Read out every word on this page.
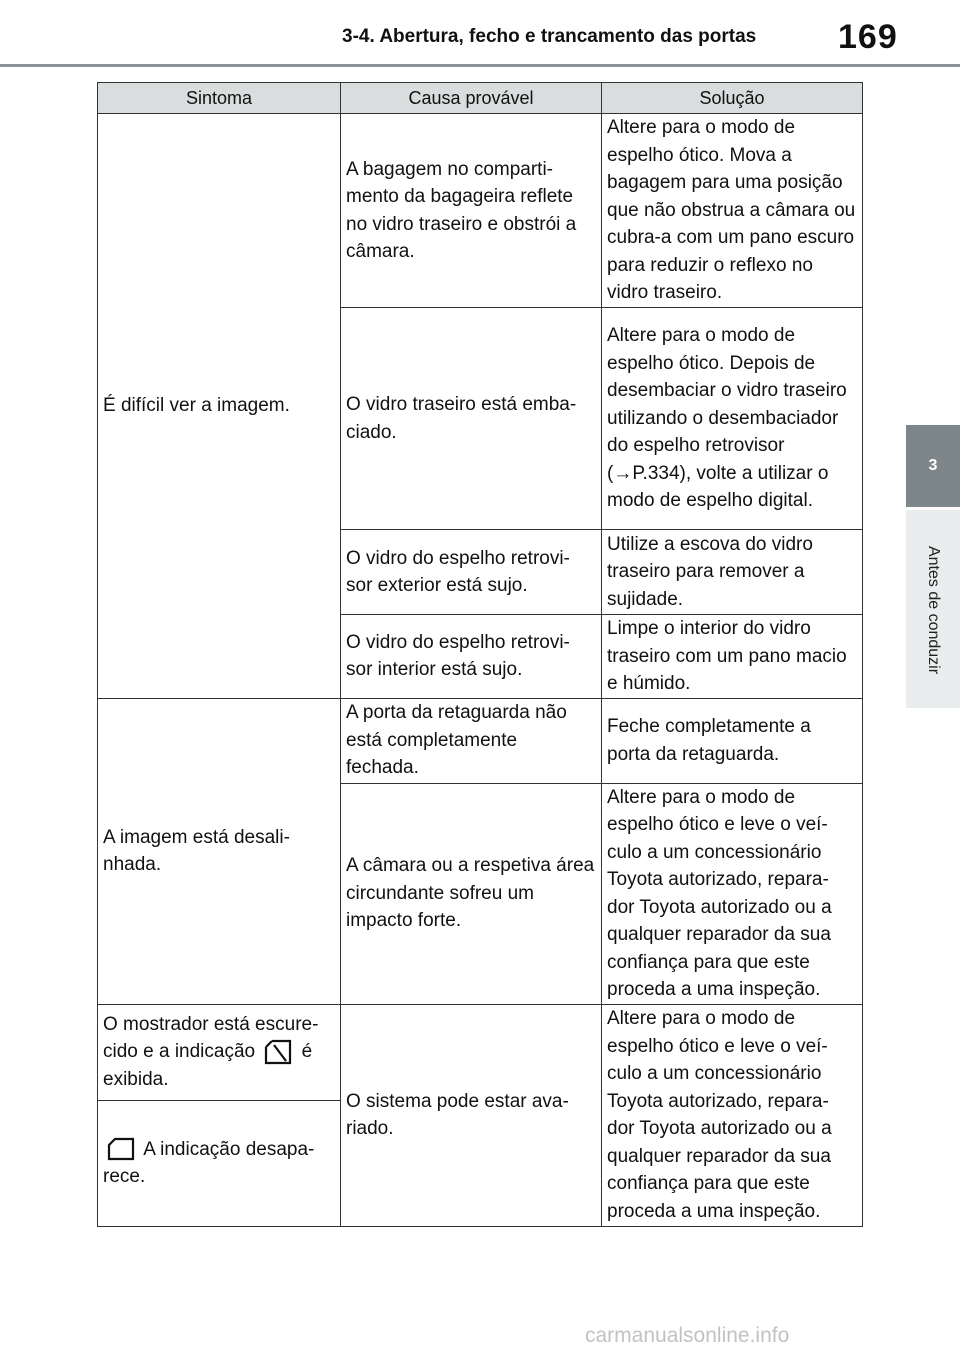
3-4. Abertura, fecho e trancamento das portas 169
3
Antes de conduzir
Sintoma	Causa provável	Solução
É difícil ver a imagem.	A bagagem no comparti-mento da bagageira reflete no vidro traseiro e obstrói a câmara.	Altere para o modo de espelho ótico. Mova a bagagem para uma posição que não obstrua a câmara ou cubra-a com um pano escuro para reduzir o reflexo no vidro traseiro.
	O vidro traseiro está emba-ciado.	Altere para o modo de espelho ótico. Depois de desembaciar o vidro traseiro utilizando o desembaciador do espelho retrovisor (→P.334), volte a utilizar o modo de espelho digital.
	O vidro do espelho retrovi-sor exterior está sujo.	Utilize a escova do vidro traseiro para remover a sujidade.
	O vidro do espelho retrovi-sor interior está sujo.	Limpe o interior do vidro traseiro com um pano macio e húmido.
A imagem está desali-nhada.	A porta da retaguarda não está completamente fechada.	Feche completamente a porta da retaguarda.
	A câmara ou a respetiva área circundante sofreu um impacto forte.	Altere para o modo de espelho ótico e leve o veí-culo a um concessionário Toyota autorizado, repara-dor Toyota autorizado ou a qualquer reparador da sua confiança para que este proceda a uma inspeção.
O mostrador está escure-cido e a indicação é exibida.	O sistema pode estar ava-riado.	Altere para o modo de espelho ótico e leve o veí-culo a um concessionário Toyota autorizado, repara-dor Toyota autorizado ou a qualquer reparador da sua confiança para que este proceda a uma inspeção.
A indicação desapa-rece.		
carmanualsonline.info
